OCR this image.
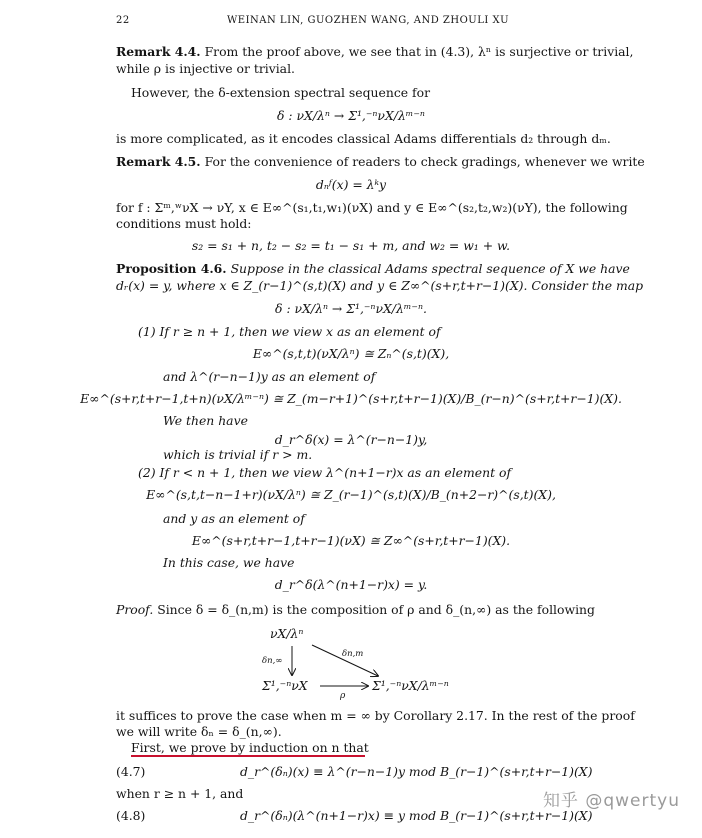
22	WEINAN LIN, GUOZHEN WANG, AND ZHOULI XU
Remark 4.4. From the proof above, we see that in (4.3), λⁿ is surjective or trivial,
while ρ is injective or trivial.
However, the δ-extension spectral sequence for
δ : νX/λⁿ → Σ¹,⁻ⁿνX/λᵐ⁻ⁿ
is more complicated, as it encodes classical Adams differentials d₂ through dₘ.
Remark 4.5. For the convenience of readers to check gradings, whenever we write
dₙᶠ(x) = λᵏy
for f : Σᵐ,ʷνX → νY, x ∈ E∞^(s₁,t₁,w₁)(νX) and y ∈ E∞^(s₂,t₂,w₂)(νY), the following
conditions must hold:
s₂ = s₁ + n, t₂ − s₂ = t₁ − s₁ + m, and w₂ = w₁ + w.
Proposition 4.6. Suppose in the classical Adams spectral sequence of X we have
dᵣ(x) = y, where x ∈ Z_(r−1)^(s,t)(X) and y ∈ Z∞^(s+r,t+r−1)(X). Consider the map
δ : νX/λⁿ → Σ¹,⁻ⁿνX/λᵐ⁻ⁿ.
(1) If r ≥ n + 1, then we view x as an element of
E∞^(s,t,t)(νX/λⁿ) ≅ Zₙ^(s,t)(X),
and λ^(r−n−1)y as an element of
E∞^(s+r,t+r−1,t+n)(νX/λᵐ⁻ⁿ) ≅ Z_(m−r+1)^(s+r,t+r−1)(X)/B_(r−n)^(s+r,t+r−1)(X).
We then have
d_r^δ(x) = λ^(r−n−1)y,
which is trivial if r > m.
(2) If r < n + 1, then we view λ^(n+1−r)x as an element of
E∞^(s,t,t−n−1+r)(νX/λⁿ) ≅ Z_(r−1)^(s,t)(X)/B_(n+2−r)^(s,t)(X),
and y as an element of
E∞^(s+r,t+r−1,t+r−1)(νX) ≅ Z∞^(s+r,t+r−1)(X).
In this case, we have
d_r^δ(λ^(n+1−r)x) = y.
Proof. Since δ = δ_(n,m) is the composition of ρ and δ_(n,∞) as the following
νX/λⁿ
δn,∞
δn,m
Σ¹,⁻ⁿνX
ρ
Σ¹,⁻ⁿνX/λᵐ⁻ⁿ
it suffices to prove the case when m = ∞ by Corollary 2.17. In the rest of the proof
we will write δₙ = δ_(n,∞).
First, we prove by induction on n that
(4.7)	d_r^(δₙ)(x) ≡ λ^(r−n−1)y mod B_(r−1)^(s+r,t+r−1)(X)
when r ≥ n + 1, and
(4.8)	d_r^(δₙ)(λ^(n+1−r)x) ≡ y mod B_(r−1)^(s+r,t+r−1)(X)
知乎 @qwertyu
